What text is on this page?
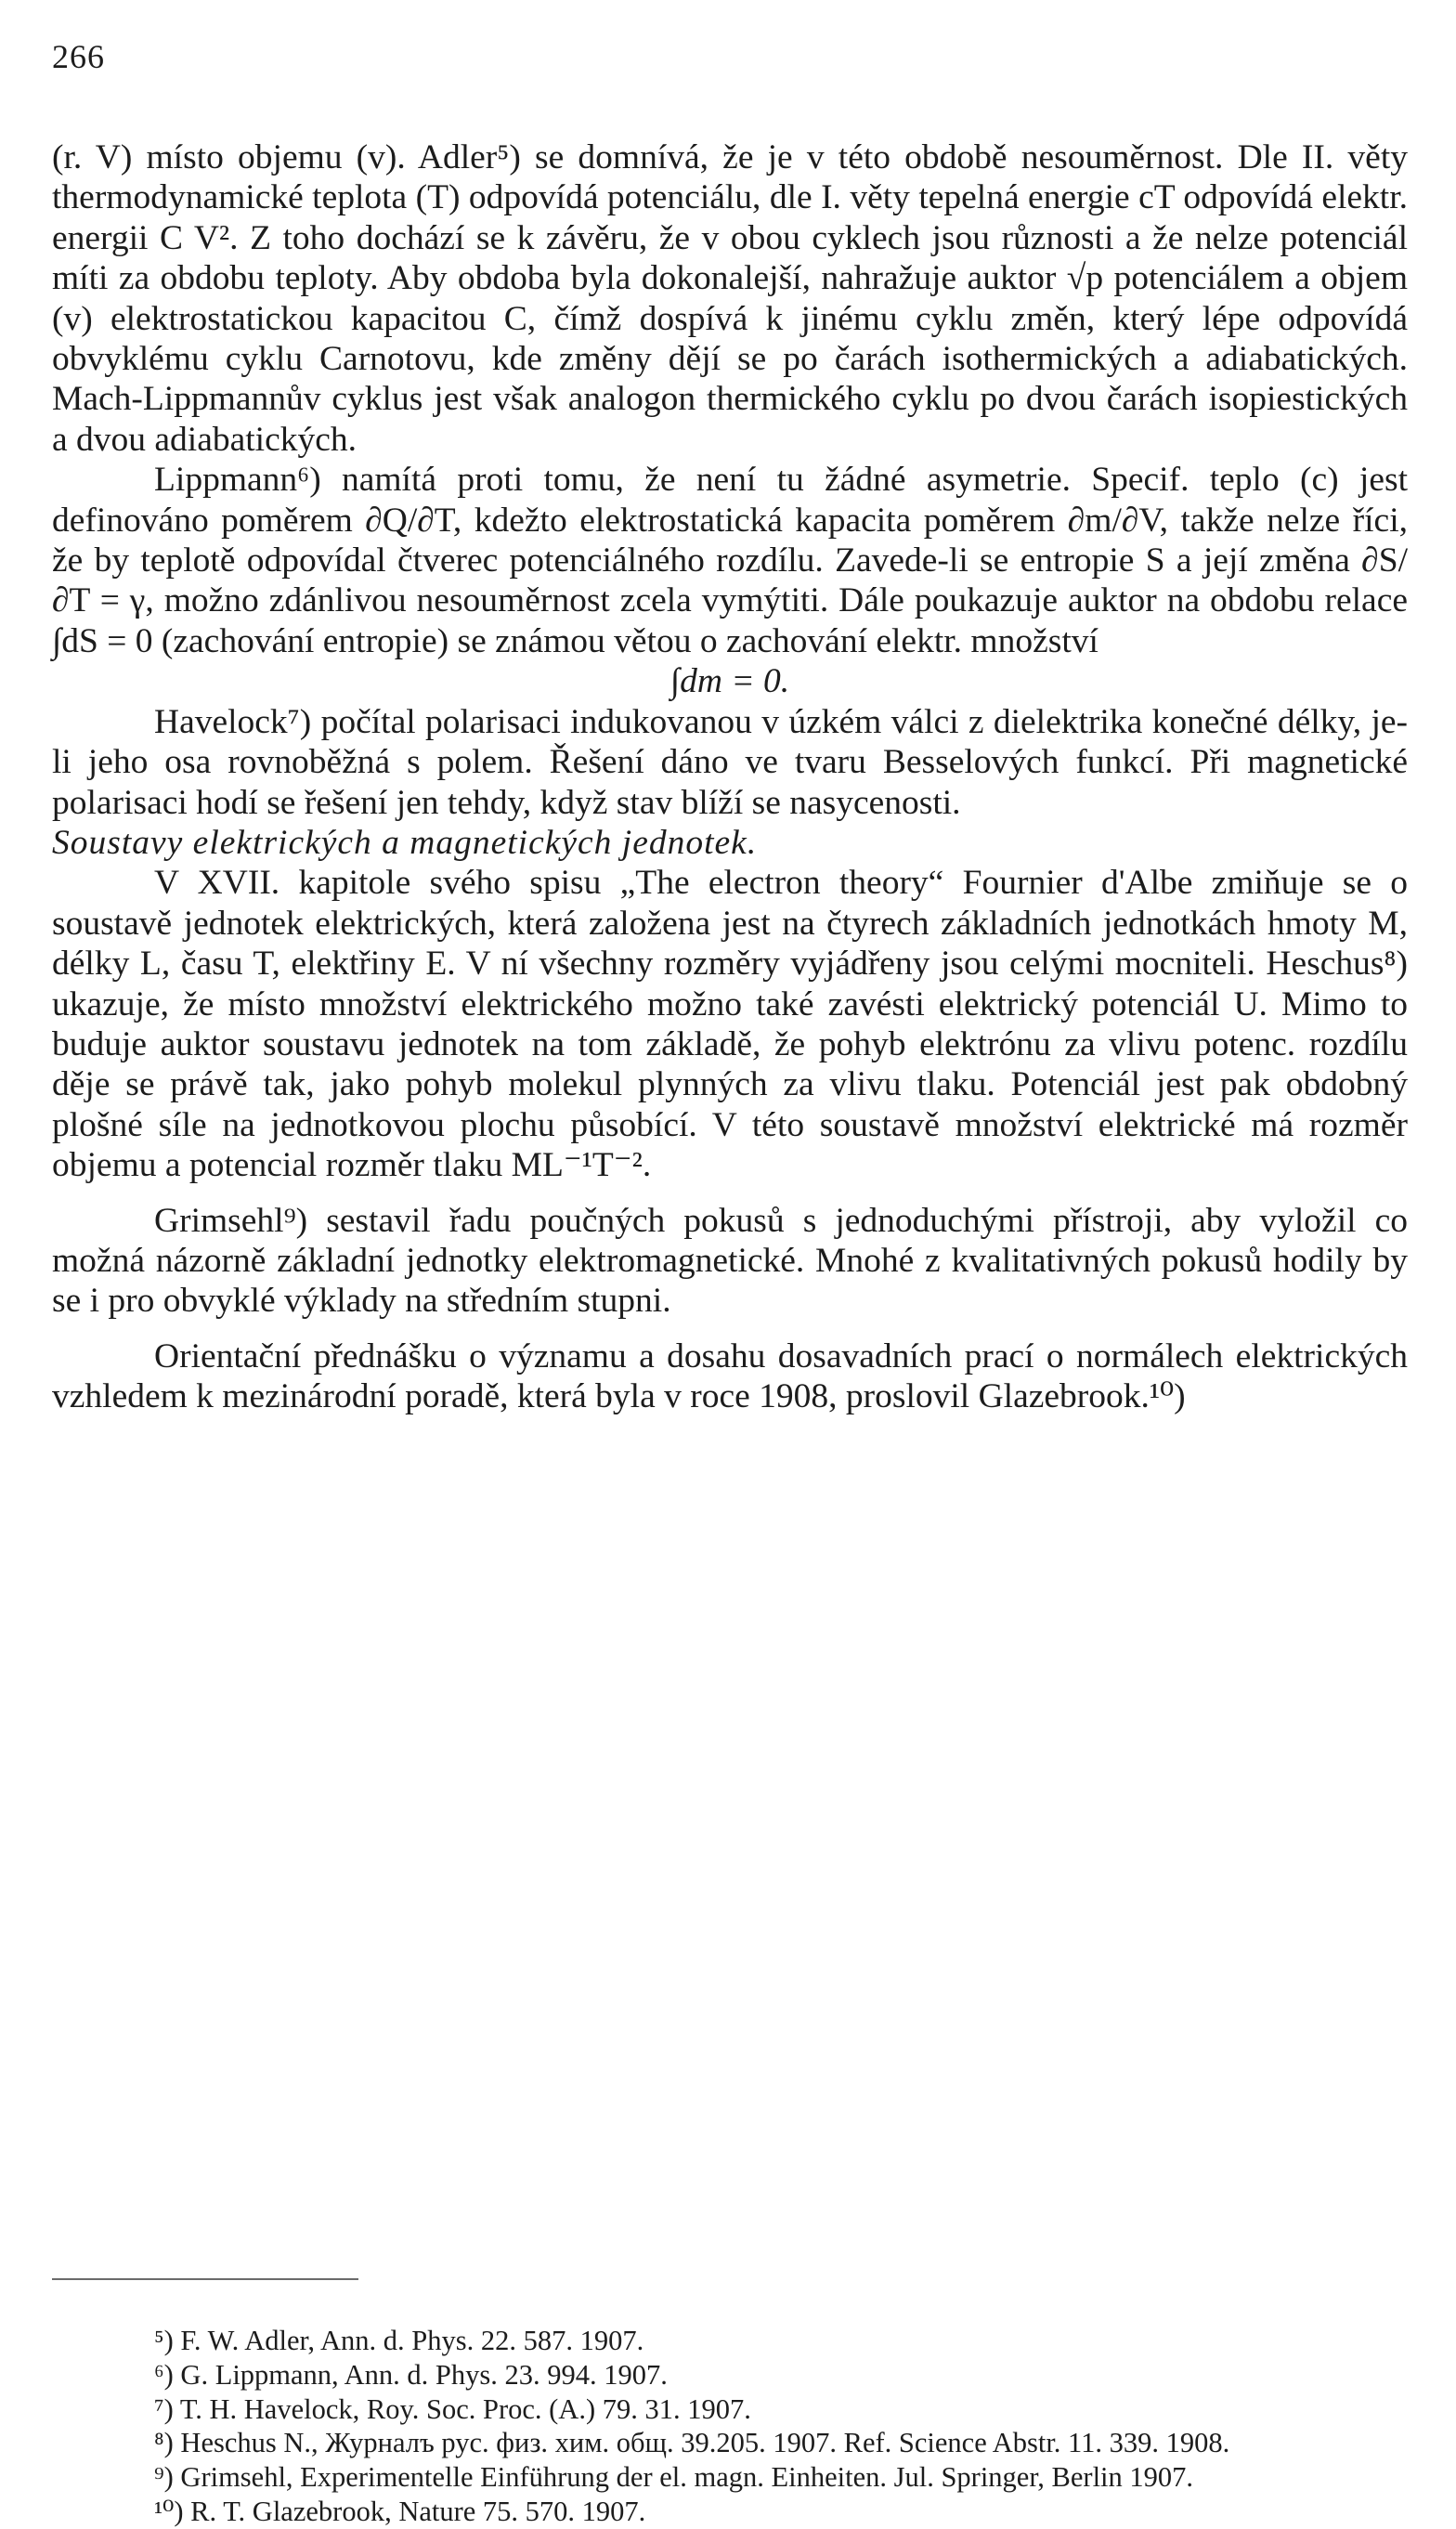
266

(r. V) místo objemu (v). Adler⁵) se domnívá, že je v této obdobě nesouměrnost. Dle II. věty thermodynamické teplota (T) odpovídá potenciálu, dle I. věty tepelná energie cT odpovídá elektr. energii C V². Z toho dochází se k závěru, že v obou cyklech jsou různosti a že nelze potenciál míti za obdobu teploty. Aby obdoba byla dokonalejší, nahražuje auktor √p potenciálem a objem (v) elektrostatickou kapacitou C, čímž dospívá k jinému cyklu změn, který lépe odpovídá obvyklému cyklu Carnotovu, kde změny dějí se po čarách isothermických a adiabatických. Mach-Lippmannův cyklus jest však analogon thermického cyklu po dvou čarách isopiestických a dvou adiabatických.

Lippmann⁶) namítá proti tomu, že není tu žádné asymetrie. Specif. teplo (c) jest definováno poměrem ∂Q/∂T, kdežto elektrostatická kapacita poměrem ∂m/∂V, takže nelze říci, že by teplotě odpovídal čtverec potenciálného rozdílu. Zavede-li se entropie S a její změna ∂S/∂T = γ, možno zdánlivou nesouměrnost zcela vymýtiti. Dále poukazuje auktor na obdobu relace ∫dS = 0 (zachování entropie) se známou větou o zachování elektr. množství

∫dm = 0.

Havelock⁷) počítal polarisaci indukovanou v úzkém válci z dielektrika konečné délky, je-li jeho osa rovnoběžná s polem. Řešení dáno ve tvaru Besselových funkcí. Při magnetické polarisaci hodí se řešení jen tehdy, když stav blíží se nasycenosti.

Soustavy elektrických a magnetických jednotek.

V XVII. kapitole svého spisu „The electron theory“ Fournier d'Albe zmiňuje se o soustavě jednotek elektrických, která založena jest na čtyrech základních jednotkách hmoty M, délky L, času T, elektřiny E. V ní všechny rozměry vyjádřeny jsou celými mocniteli. Heschus⁸) ukazuje, že místo množství elektrického možno také zavésti elektrický potenciál U. Mimo to buduje auktor soustavu jednotek na tom základě, že pohyb elektrónu za vlivu potenc. rozdílu děje se právě tak, jako pohyb molekul plynných za vlivu tlaku. Potenciál jest pak obdobný plošné síle na jednotkovou plochu působící. V této soustavě množství elektrické má rozměr objemu a potencial rozměr tlaku ML⁻¹T⁻².

Grimsehl⁹) sestavil řadu poučných pokusů s jednoduchými přístroji, aby vyložil co možná názorně základní jednotky elektromagnetické. Mnohé z kvalitativných pokusů hodily by se i pro obvyklé výklady na středním stupni.

Orientační přednášku o významu a dosahu dosavadních prací o normálech elektrických vzhledem k mezinárodní poradě, která byla v roce 1908, proslovil Glazebrook.¹⁰)

⁵) F. W. Adler, Ann. d. Phys. 22. 587. 1907.
⁶) G. Lippmann, Ann. d. Phys. 23. 994. 1907.
⁷) T. H. Havelock, Roy. Soc. Proc. (A.) 79. 31. 1907.
⁸) Heschus N., Журналъ рус. физ. хим. общ. 39.205. 1907. Ref. Science Abstr. 11. 339. 1908.
⁹) Grimsehl, Experimentelle Einführung der el. magn. Einheiten. Jul. Springer, Berlin 1907.
¹⁰) R. T. Glazebrook, Nature 75. 570. 1907.
